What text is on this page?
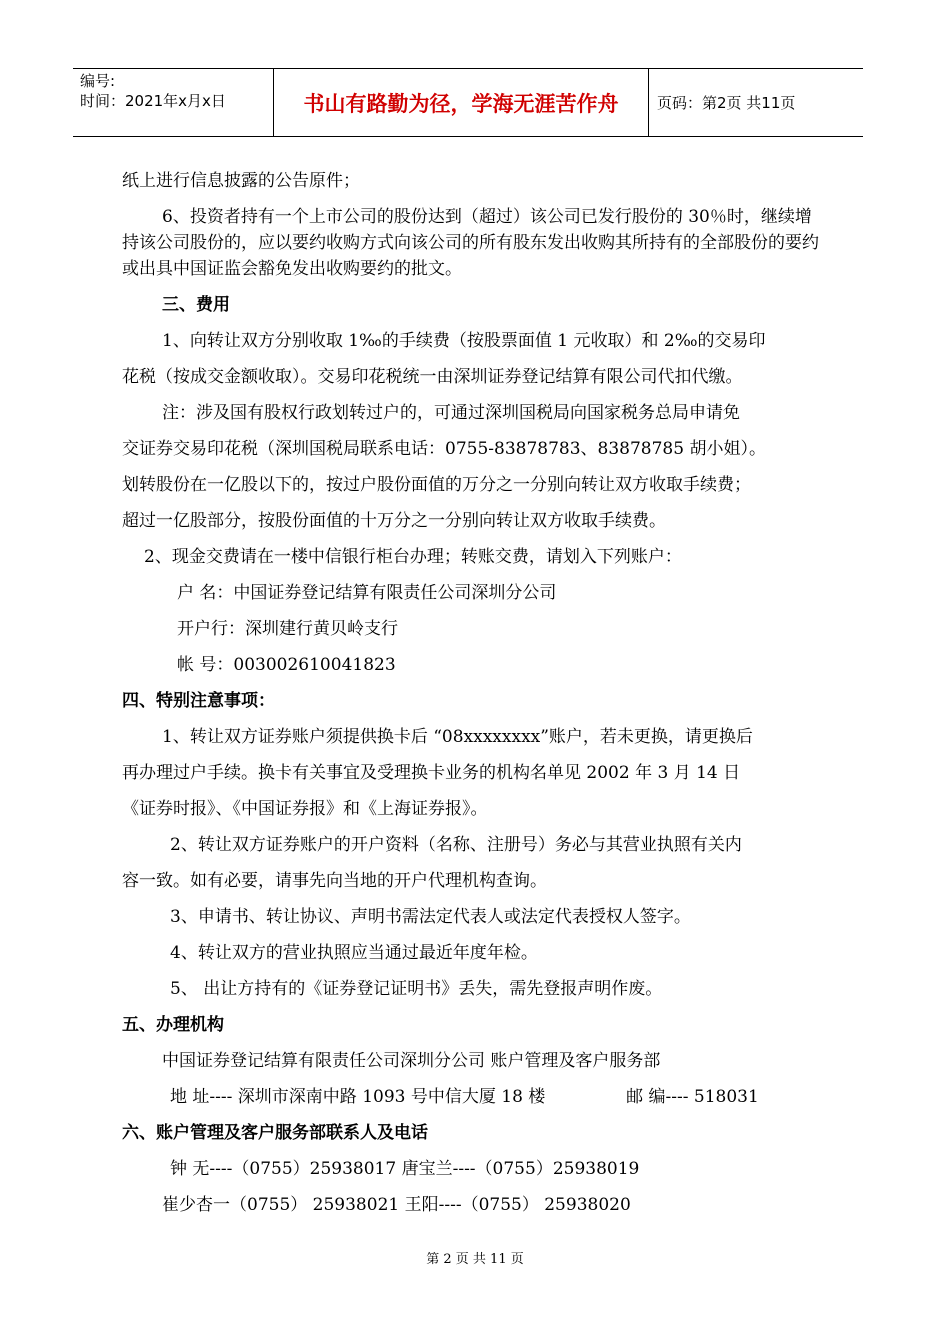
编号:
时间：2021年x月x日	书山有路勤为径，学海无涯苦作舟	页码：第2页 共11页

纸上进行信息披露的公告原件；

6、投资者持有一个上市公司的股份达到（超过）该公司已发行股份的 30％时，继续增持该公司股份的，应以要约收购方式向该公司的所有股东发出收购其所持有的全部股份的要约或出具中国证监会豁免发出收购要约的批文。

三、费用

1、向转让双方分别收取 1‰的手续费（按股票面值 1 元收取）和 2‰的交易印

花税（按成交金额收取）。交易印花税统一由深圳证券登记结算有限公司代扣代缴。

注：涉及国有股权行政划转过户的，可通过深圳国税局向国家税务总局申请免

交证券交易印花税（深圳国税局联系电话：0755-83878783、83878785 胡小姐）。

划转股份在一亿股以下的，按过户股份面值的万分之一分别向转让双方收取手续费；

超过一亿股部分，按股份面值的十万分之一分别向转让双方收取手续费。

2、现金交费请在一楼中信银行柜台办理；转账交费，请划入下列账户：

户 名：中国证券登记结算有限责任公司深圳分公司

开户行：深圳建行黄贝岭支行

帐 号：003002610041823

四、特别注意事项：

1、转让双方证券账户须提供换卡后 “08xxxxxxxx”账户，若未更换，请更换后

再办理过户手续。换卡有关事宜及受理换卡业务的机构名单见 2002 年 3 月 14 日

《证券时报》、《中国证券报》和《上海证券报》。

2、转让双方证券账户的开户资料（名称、注册号）务必与其营业执照有关内

容一致。如有必要，请事先向当地的开户代理机构查询。

3、申请书、转让协议、声明书需法定代表人或法定代表授权人签字。

4、转让双方的营业执照应当通过最近年度年检。

5、 出让方持有的《证券登记证明书》丢失，需先登报声明作废。

五、办理机构

中国证券登记结算有限责任公司深圳分公司 账户管理及客户服务部

地 址---- 深圳市深南中路 1093 号中信大厦 18 楼	邮 编---- 518031

六、账户管理及客户服务部联系人及电话

钟 无----（0755）25938017 唐宝兰----（0755）25938019

崔少杏一（0755） 25938021 王阳----（0755） 25938020

第 2 页 共 11 页
